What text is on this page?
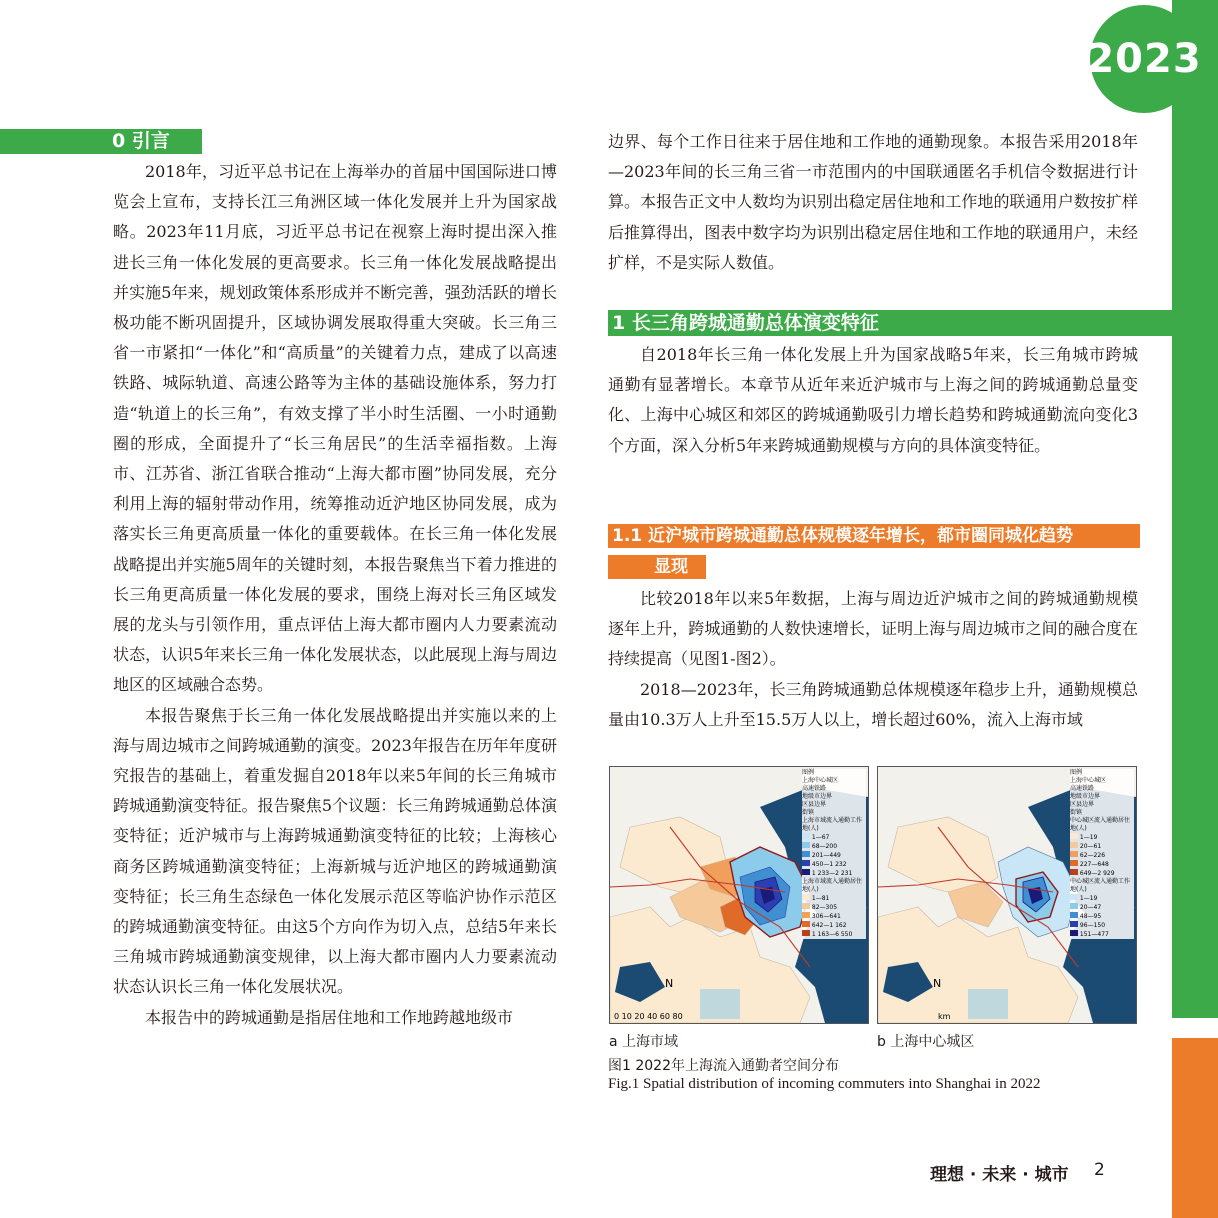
2023
0 引言

2018年，习近平总书记在上海举办的首届中国国际进口博览会上宣布，支持长江三角洲区域一体化发展并上升为国家战略。2023年11月底，习近平总书记在视察上海时提出深入推进长三角一体化发展的更高要求。长三角一体化发展战略提出并实施5年来，规划政策体系形成并不断完善，强劲活跃的增长极功能不断巩固提升，区域协调发展取得重大突破。长三角三省一市紧扣“一体化”和“高质量”的关键着力点，建成了以高速铁路、城际轨道、高速公路等为主体的基础设施体系，努力打造“轨道上的长三角”，有效支撑了半小时生活圈、一小时通勤圈的形成，全面提升了“长三角居民”的生活幸福指数。上海市、江苏省、浙江省联合推动“上海大都市圈”协同发展，充分利用上海的辐射带动作用，统筹推动近沪地区协同发展，成为落实长三角更高质量一体化的重要载体。在长三角一体化发展战略提出并实施5周年的关键时刻，本报告聚焦当下着力推进的长三角更高质量一体化发展的要求，围绕上海对长三角区域发展的龙头与引领作用，重点评估上海大都市圈内人力要素流动状态，认识5年来长三角一体化发展状态，以此展现上海与周边地区的区域融合态势。

本报告聚焦于长三角一体化发展战略提出并实施以来的上海与周边城市之间跨城通勤的演变。2023年报告在历年年度研究报告的基础上，着重发掘自2018年以来5年间的长三角城市跨城通勤演变特征。报告聚焦5个议题：长三角跨城通勤总体演变特征；近沪城市与上海跨城通勤演变特征的比较；上海核心商务区跨城通勤演变特征；上海新城与近沪地区的跨城通勤演变特征；长三角生态绿色一体化发展示范区等临沪协作示范区的跨城通勤演变特征。由这5个方向作为切入点，总结5年来长三角城市跨城通勤演变规律，以上海大都市圈内人力要素流动状态认识长三角一体化发展状况。

本报告中的跨城通勤是指居住地和工作地跨越地级市

边界、每个工作日往来于居住地和工作地的通勤现象。本报告采用2018年—2023年间的长三角三省一市范围内的中国联通匿名手机信令数据进行计算。本报告正文中人数均为识别出稳定居住地和工作地的联通用户数按扩样后推算得出，图表中数字均为识别出稳定居住地和工作地的联通用户，未经扩样，不是实际人数值。

1 长三角跨城通勤总体演变特征

自2018年长三角一体化发展上升为国家战略5年来，长三角城市跨城通勤有显著增长。本章节从近年来近沪城市与上海之间的跨城通勤总量变化、上海中心城区和郊区的跨城通勤吸引力增长趋势和跨城通勤流向变化3个方面，深入分析5年来跨城通勤规模与方向的具体演变特征。

1.1 近沪城市跨城通勤总体规模逐年增长，都市圈同城化趋势
显现

比较2018年以来5年数据，上海与周边近沪城市之间的跨城通勤规模逐年上升，跨城通勤的人数快速增长，证明上海与周边城市之间的融合度在持续提高（见图1-图2）。

2018—2023年，长三角跨城通勤总体规模逐年稳步上升，通勤规模总量由10.3万人上升至15.5万人以上，增长超过60%，流入上海市域

N
0 10 20 40 60 80
图例
上海中心城区
高速铁路
地级市边界
区县边界
街镇
上海市域流入通勤工作地(人)
1—67
68—200
201—449
450—1 232
1 233—2 231
上海市域流入通勤居住地(人)
1—81
82—305
306—641
642—1 162
1 163—6 550
N
km
图例
上海中心城区
高速铁路
地级市边界
区县边界
街镇
中心城区流入通勤居住地(人)
1—19
20—61
62—226
227—648
649—2 929
中心城区流入通勤工作地(人)
1—19
20—47
48—95
96—150
151—477
a 上海市域	b 上海中心城区
图1 2022年上海流入通勤者空间分布
Fig.1 Spatial distribution of incoming commuters into Shanghai in 2022
理想 · 未来 · 城市 2
